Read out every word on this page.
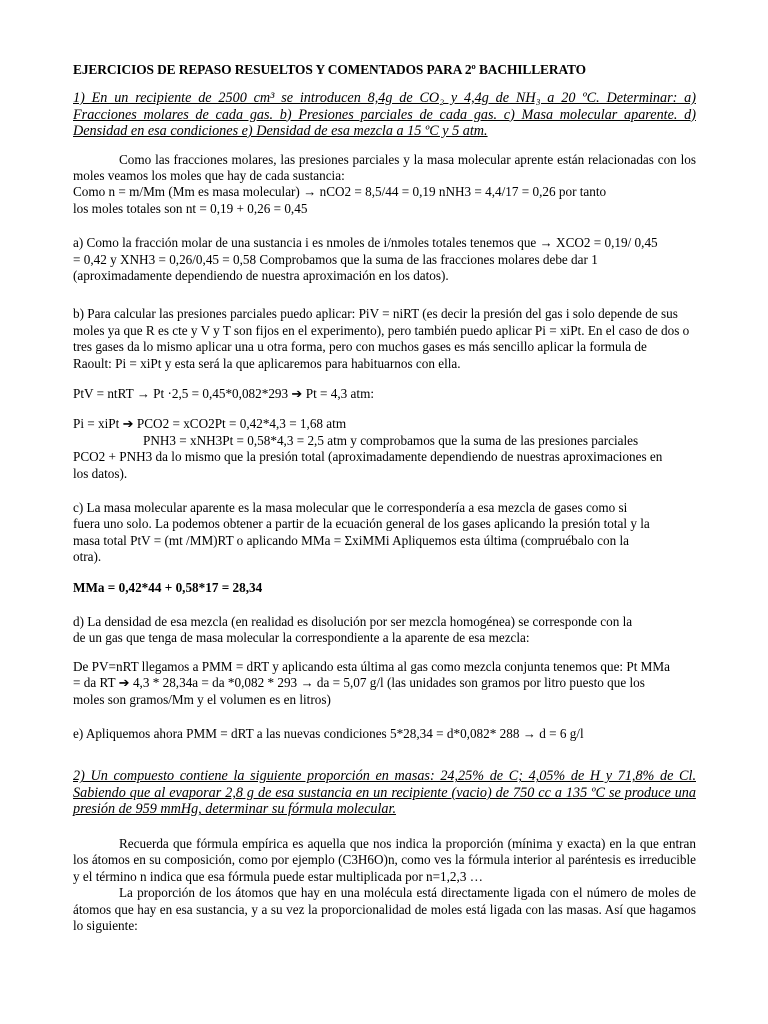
EJERCICIOS DE REPASO RESUELTOS Y COMENTADOS PARA 2º BACHILLERATO

1) En un recipiente de 2500 cm³ se introducen 8,4g de CO₂ y 4,4g de NH₃ a 20 ºC. Determinar: a) Fracciones molares de cada gas. b) Presiones parciales de cada gas. c) Masa molecular aparente. d) Densidad en esa condiciones e) Densidad de esa mezcla a 15 ºC y 5 atm.

Como las fracciones molares, las presiones parciales y la masa molecular aprente están relacionadas con los moles veamos los moles que hay de cada sustancia:

Como n = m/Mm (Mm es masa molecular) → nCO2 = 8,5/44 = 0,19 nNH3 = 4,4/17 = 0,26 por tanto

los moles totales son nt = 0,19 + 0,26 = 0,45

a) Como la fracción molar de una sustancia i es nmoles de i/nmoles totales tenemos que → XCO2 = 0,19/ 0,45

= 0,42 y XNH3 = 0,26/0,45 = 0,58 Comprobamos que la suma de las fracciones molares debe dar 1

(aproximadamente dependiendo de nuestra aproximación en los datos).

b) Para calcular las presiones parciales puedo aplicar: PiV = niRT (es decir la presión del gas i solo depende de sus

moles ya que R es cte y V y T son fijos en el experimento), pero también puedo aplicar Pi = xiPt. En el caso de dos o

tres gases da lo mismo aplicar una u otra forma, pero con muchos gases es más sencillo aplicar la formula de

Raoult: Pi = xiPt y esta será la que aplicaremos para habituarnos con ella.

PtV = ntRT → Pt ·2,5 = 0,45*0,082*293 ➔ Pt = 4,3 atm:

Pi = xiPt ➔ PCO2 = xCO2Pt = 0,42*4,3 = 1,68 atm

PNH3 = xNH3Pt = 0,58*4,3 = 2,5 atm y comprobamos que la suma de las presiones parciales

PCO2 + PNH3 da lo mismo que la presión total (aproximadamente dependiendo de nuestras aproximaciones en

los datos).

c) La masa molecular aparente es la masa molecular que le correspondería a esa mezcla de gases como si

fuera uno solo. La podemos obtener a partir de la ecuación general de los gases aplicando la presión total y la

masa total PtV = (mt /MM)RT o aplicando MMa = ΣxiMMi Apliquemos esta última (compruébalo con la

otra).

MMa = 0,42*44 + 0,58*17 = 28,34

d) La densidad de esa mezcla (en realidad es disolución por ser mezcla homogénea) se corresponde con la

de un gas que tenga de masa molecular la correspondiente a la aparente de esa mezcla:

De PV=nRT llegamos a PMM = dRT y aplicando esta última al gas como mezcla conjunta tenemos que: Pt MMa

= da RT ➔ 4,3 * 28,34a = da *0,082 * 293 → da = 5,07 g/l (las unidades son gramos por litro puesto que los

moles son gramos/Mm y el volumen es en litros)

e) Apliquemos ahora PMM = dRT a las nuevas condiciones 5*28,34 = d*0,082* 288 → d = 6 g/l

2) Un compuesto contiene la siguiente proporción en masas: 24,25% de C; 4,05% de H y 71,8% de Cl. Sabiendo que al evaporar 2,8 g de esa sustancia en un recipiente (vacio) de 750 cc a 135 ºC se produce una presión de 959 mmHg, determinar su fórmula molecular.

Recuerda que fórmula empírica es aquella que nos indica la proporción (mínima y exacta) en la que entran los átomos en su composición, como por ejemplo (C3H6O)n, como ves la fórmula interior al paréntesis es irreducible y el término n indica que esa fórmula puede estar multiplicada por n=1,2,3 …

La proporción de los átomos que hay en una molécula está directamente ligada con el número de moles de átomos que hay en esa sustancia, y a su vez la proporcionalidad de moles está ligada con las masas. Así que hagamos lo siguiente:
